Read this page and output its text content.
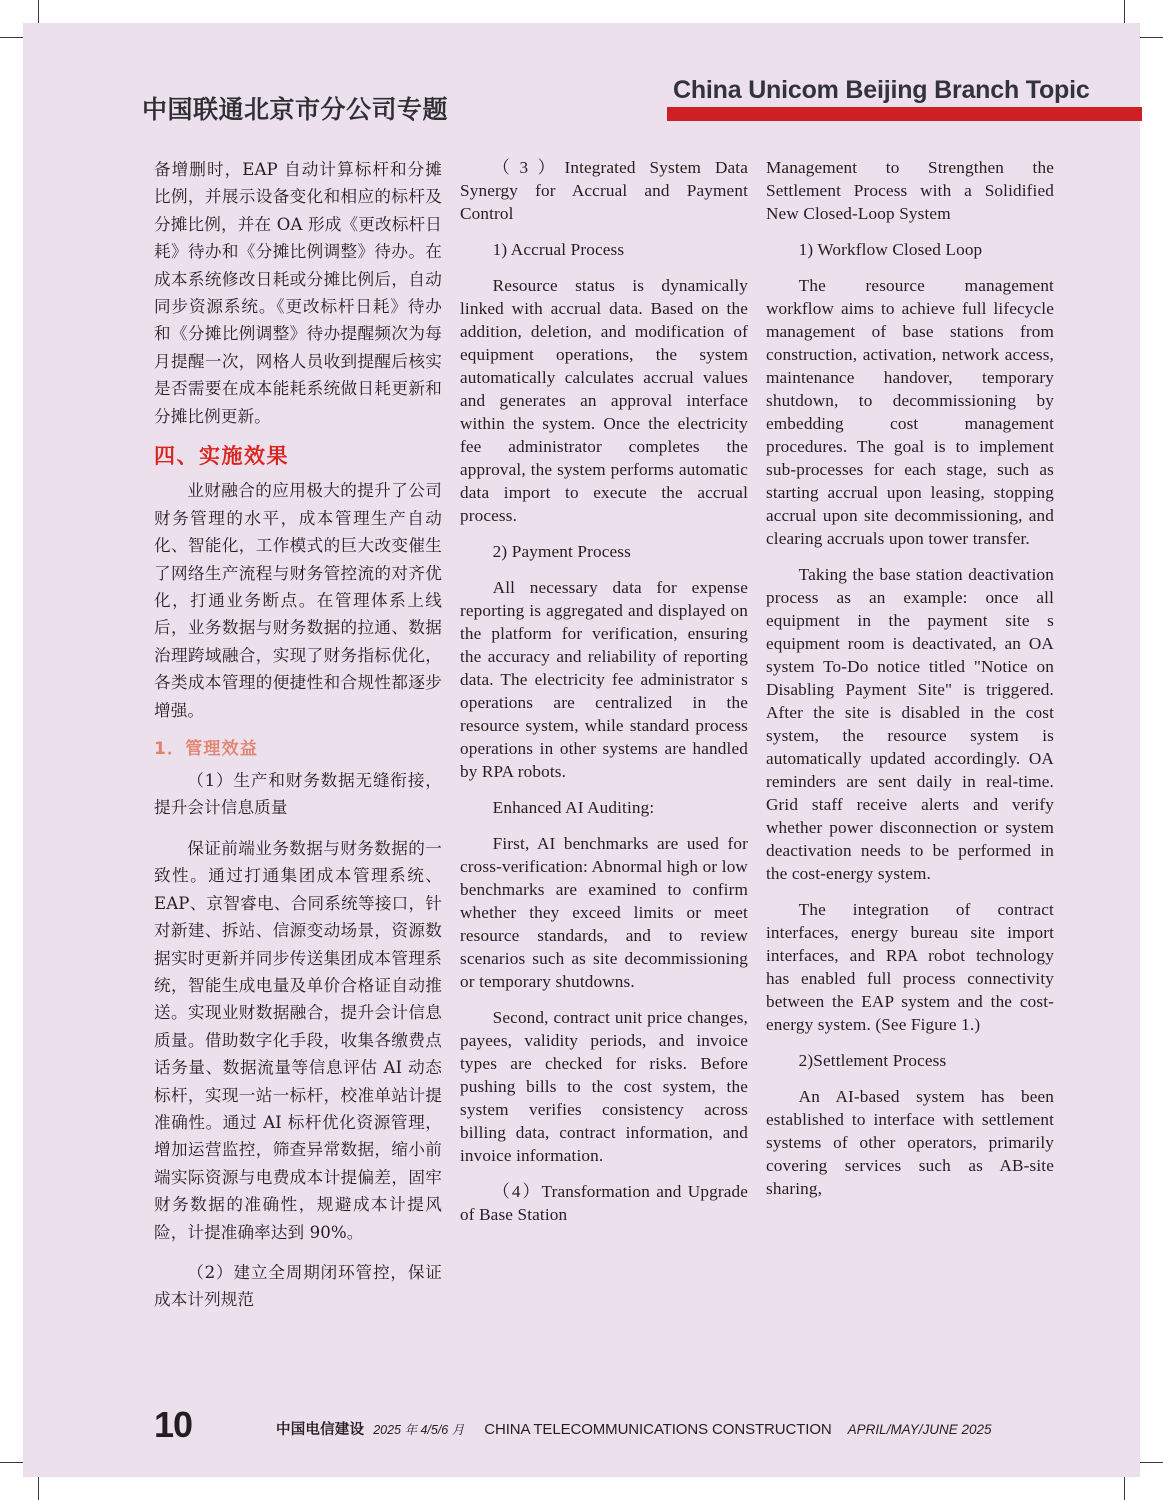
中国联通北京市分公司专题
China Unicom Beijing Branch Topic

备增删时，EAP 自动计算标杆和分摊比例，并展示设备变化和相应的标杆及分摊比例，并在 OA 形成《更改标杆日耗》待办和《分摊比例调整》待办。在成本系统修改日耗或分摊比例后，自动同步资源系统。《更改标杆日耗》待办和《分摊比例调整》待办提醒频次为每月提醒一次，网格人员收到提醒后核实是否需要在成本能耗系统做日耗更新和分摊比例更新。

四、实施效果

业财融合的应用极大的提升了公司财务管理的水平，成本管理生产自动化、智能化，工作模式的巨大改变催生了网络生产流程与财务管控流的对齐优化，打通业务断点。在管理体系上线后，业务数据与财务数据的拉通、数据治理跨域融合，实现了财务指标优化，各类成本管理的便捷性和合规性都逐步增强。

1．管理效益

（1）生产和财务数据无缝衔接，提升会计信息质量

保证前端业务数据与财务数据的一致性。通过打通集团成本管理系统、EAP、京智睿电、合同系统等接口，针对新建、拆站、信源变动场景，资源数据实时更新并同步传送集团成本管理系统，智能生成电量及单价合格证自动推送。实现业财数据融合，提升会计信息质量。借助数字化手段，收集各缴费点话务量、数据流量等信息评估 AI 动态标杆，实现一站一标杆，校准单站计提准确性。通过 AI 标杆优化资源管理，增加运营监控，筛查异常数据，缩小前端实际资源与电费成本计提偏差，固牢财务数据的准确性，规避成本计提风险，计提准确率达到 90%。

（2）建立全周期闭环管控，保证成本计列规范

（3）Integrated System Data Synergy for Accrual and Payment Control

1) Accrual Process

Resource status is dynamically linked with accrual data. Based on the addition, deletion, and modification of equipment operations, the system automatically calculates accrual values and generates an approval interface within the system. Once the electricity fee administrator completes the approval, the system performs automatic data import to execute the accrual process.

2) Payment Process

All necessary data for expense reporting is aggregated and displayed on the platform for verification, ensuring the accuracy and reliability of reporting data. The electricity fee administrator s operations are centralized in the resource system, while standard process operations in other systems are handled by RPA robots.

Enhanced AI Auditing:

First, AI benchmarks are used for cross-verification: Abnormal high or low benchmarks are examined to confirm whether they exceed limits or meet resource standards, and to review scenarios such as site decommissioning or temporary shutdowns.

Second, contract unit price changes, payees, validity periods, and invoice types are checked for risks. Before pushing bills to the cost system, the system verifies consistency across billing data, contract information, and invoice information.

（4）Transformation and Upgrade of Base Station

Management to Strengthen the Settlement Process with a Solidified New Closed-Loop System

1) Workflow Closed Loop

The resource management workflow aims to achieve full lifecycle management of base stations from construction, activation, network access, maintenance handover, temporary shutdown, to decommissioning by embedding cost management procedures. The goal is to implement sub-processes for each stage, such as starting accrual upon leasing, stopping accrual upon site decommissioning, and clearing accruals upon tower transfer.

Taking the base station deactivation process as an example: once all equipment in the payment site s equipment room is deactivated, an OA system To-Do notice titled "Notice on Disabling Payment Site" is triggered. After the site is disabled in the cost system, the resource system is automatically updated accordingly. OA reminders are sent daily in real-time. Grid staff receive alerts and verify whether power disconnection or system deactivation needs to be performed in the cost-energy system.

The integration of contract interfaces, energy bureau site import interfaces, and RPA robot technology has enabled full process connectivity between the EAP system and the cost-energy system. (See Figure 1.)

2)Settlement Process

An AI-based system has been established to interface with settlement systems of other operators, primarily covering services such as AB-site sharing,

10	中国电信建设 2025 年 4/5/6 月 CHINA TELECOMMUNICATIONS CONSTRUCTION APRIL/MAY/JUNE 2025
